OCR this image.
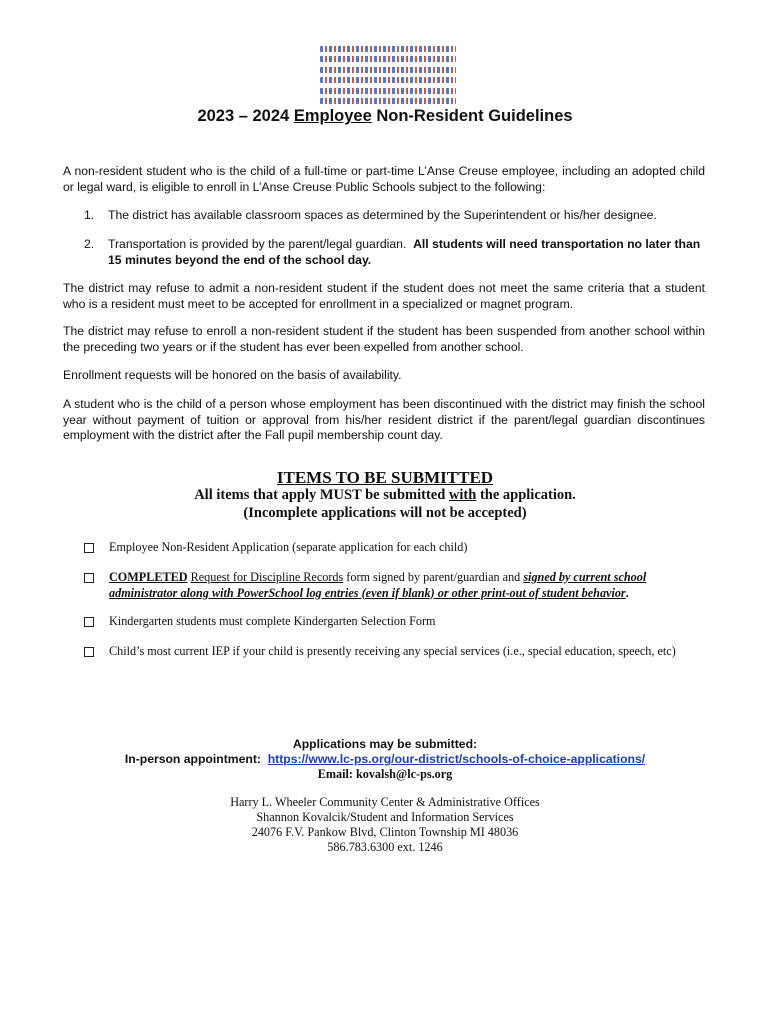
2023 – 2024 Employee Non-Resident Guidelines
A non-resident student who is the child of a full-time or part-time L’Anse Creuse employee, including an adopted child or legal ward, is eligible to enroll in L’Anse Creuse Public Schools subject to the following:
1.	The district has available classroom spaces as determined by the Superintendent or his/her designee.
2.	Transportation is provided by the parent/legal guardian. All students will need transportation no later than 15 minutes beyond the end of the school day.
The district may refuse to admit a non-resident student if the student does not meet the same criteria that a student who is a resident must meet to be accepted for enrollment in a specialized or magnet program.
The district may refuse to enroll a non-resident student if the student has been suspended from another school within the preceding two years or if the student has ever been expelled from another school.
Enrollment requests will be honored on the basis of availability.
A student who is the child of a person whose employment has been discontinued with the district may finish the school year without payment of tuition or approval from his/her resident district if the parent/legal guardian discontinues employment with the district after the Fall pupil membership count day.
ITEMS TO BE SUBMITTED
All items that apply MUST be submitted with the application.
(Incomplete applications will not be accepted)
Employee Non-Resident Application (separate application for each child)
COMPLETED Request for Discipline Records form signed by parent/guardian and signed by current school administrator along with PowerSchool log entries (even if blank) or other print-out of student behavior.
Kindergarten students must complete Kindergarten Selection Form
Child’s most current IEP if your child is presently receiving any special services (i.e., special education, speech, etc)
Applications may be submitted:
In-person appointment: https://www.lc-ps.org/our-district/schools-of-choice-applications/
Email: kovalsh@lc-ps.org
Harry L. Wheeler Community Center & Administrative Offices
Shannon Kovalcik/Student and Information Services
24076 F.V. Pankow Blvd, Clinton Township MI 48036
586.783.6300 ext. 1246
